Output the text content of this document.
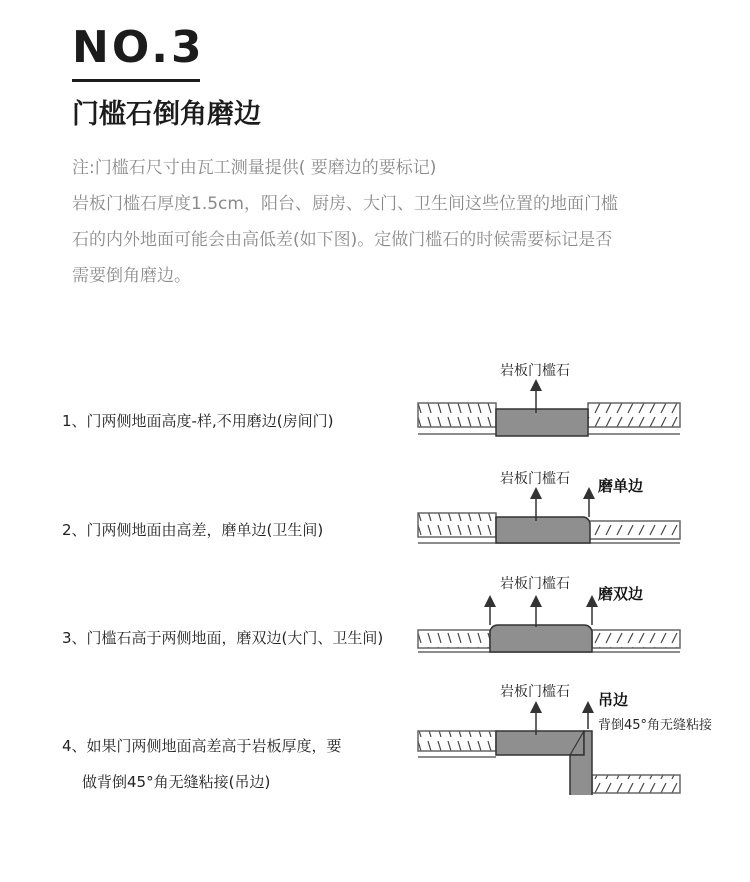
NO.3
门槛石倒角磨边

注:门槛石尺寸由瓦工测量提供( 要磨边的要标记)

岩板门槛石厚度1.5cm，阳台、厨房、大门、卫生间这些位置的地面门槛

石的内外地面可能会由高低差(如下图)。定做门槛石的时候需要标记是否

需要倒角磨边。

1、门两侧地面高度-样,不用磨边(房间门)
2、门两侧地面由高差，磨单边(卫生间)
3、门槛石高于两侧地面，磨双边(大门、卫生间)
4、如果门两侧地面高差高于岩板厚度，要
做背倒45°角无缝粘接(吊边)
岩板门槛石
岩板门槛石 磨单边
岩板门槛石
磨双边
岩板门槛石 吊边
背倒45°角无缝粘接
